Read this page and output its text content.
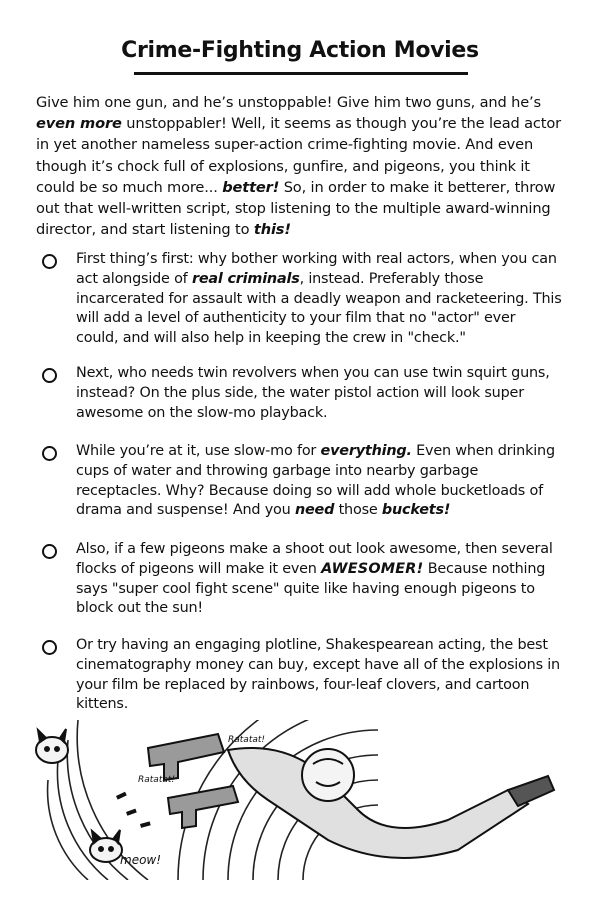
Crime-Fighting Action Movies
Give him one gun, and he’s unstoppable! Give him two guns, and he’s even more unstoppabler! Well, it seems as though you’re the lead actor in yet another nameless super-action crime-fighting movie. And even though it’s chock full of explosions, gunfire, and pigeons, you think it could be so much more... better! So, in order to make it betterer, throw out that well-written script, stop listening to the multiple award-winning director, and start listening to this!
First thing’s first: why bother working with real actors, when you can act alongside of real criminals, instead. Preferably those incarcerated for assault with a deadly weapon and racketeering. This will add a level of authenticity to your film that no "actor" ever could, and will also help in keeping the crew in "check."
Next, who needs twin revolvers when you can use twin squirt guns, instead? On the plus side, the water pistol action will look super awesome on the slow-mo playback.
While you’re at it, use slow-mo for everything. Even when drinking cups of water and throwing garbage into nearby garbage receptacles. Why? Because doing so will add whole bucketloads of drama and suspense! And you need those buckets!
Also, if a few pigeons make a shoot out look awesome, then several flocks of pigeons will make it even AWESOMER! Because nothing says "super cool fight scene" quite like having enough pigeons to block out the sun!
Or try having an engaging plotline, Shakespearean acting, the best cinematography money can buy, except have all of the explosions in your film be replaced by rainbows, four-leaf clovers, and cartoon kittens.
Ratatat!
Ratatat!
meow!
